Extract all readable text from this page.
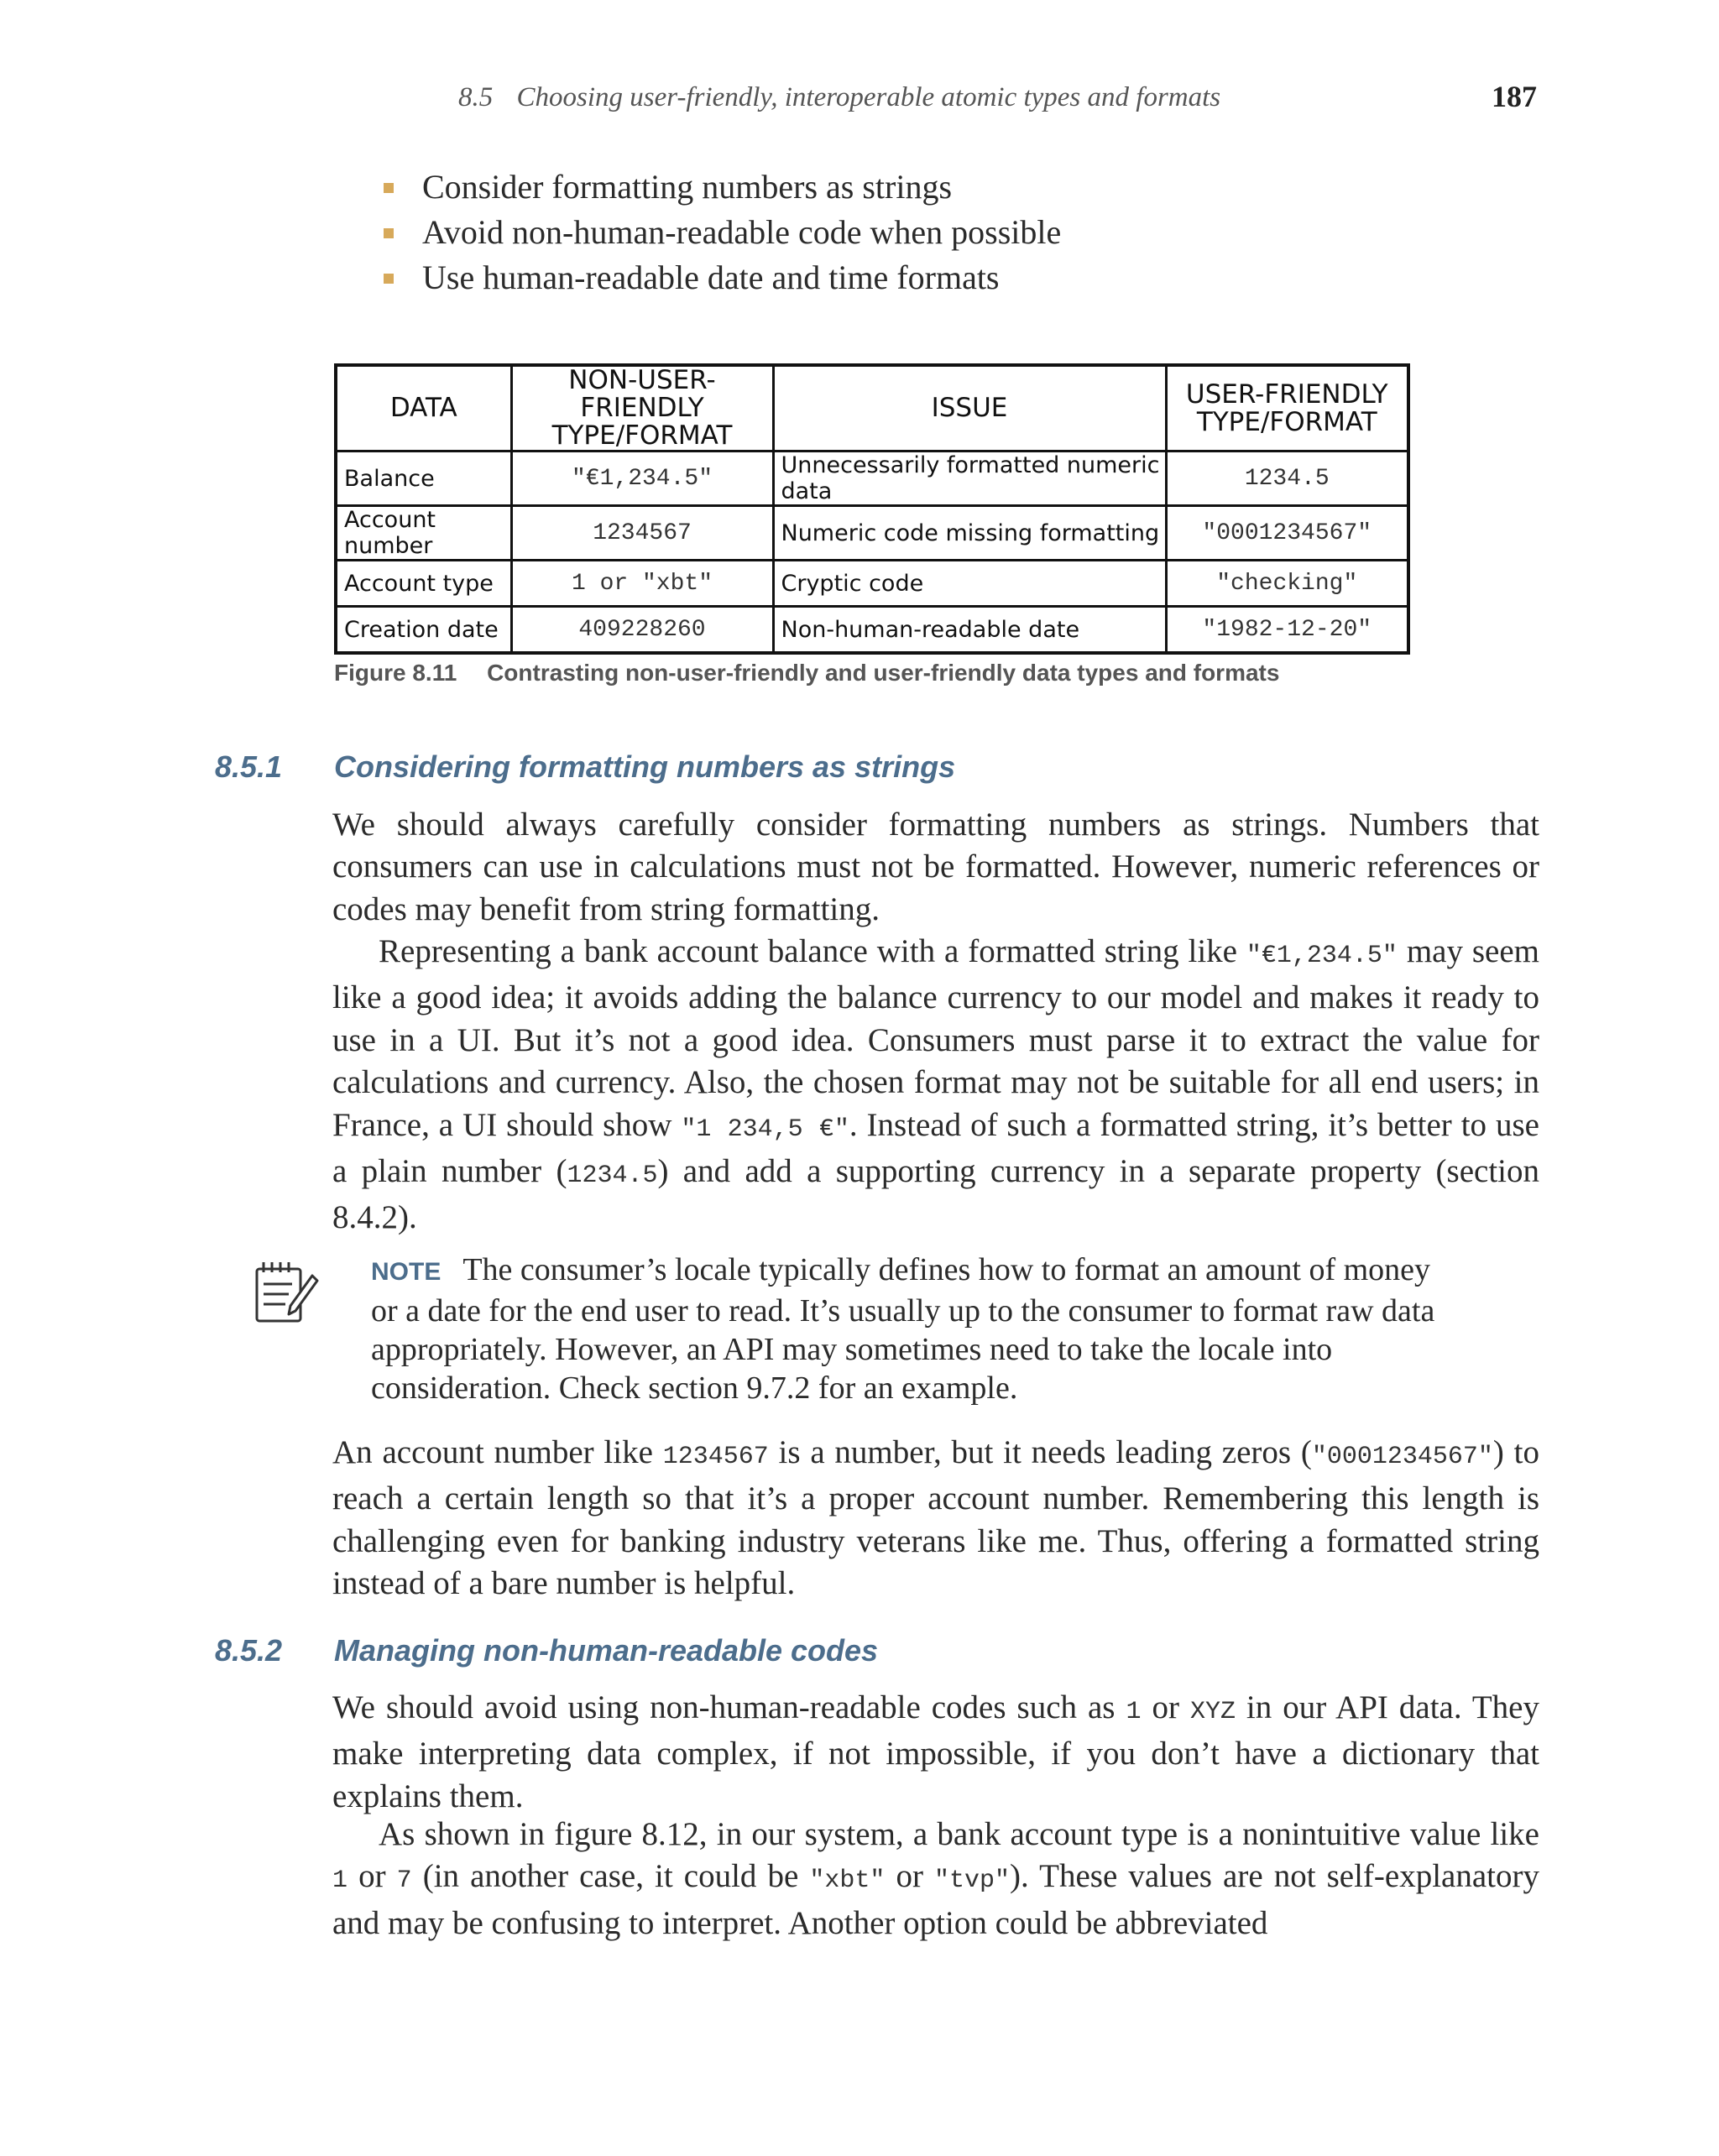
8.5 Choosing user-friendly, interoperable atomic types and formats	187
Consider formatting numbers as strings
Avoid non-human-readable code when possible
Use human-readable date and time formats
DATA	NON-USER-FRIENDLY TYPE/FORMAT	ISSUE	USER-FRIENDLY TYPE/FORMAT
Balance	"€1,234.5"	Unnecessarily formatted numeric data	1234.5
Account number	1234567	Numeric code missing formatting	"0001234567"
Account type	1 or "xbt"	Cryptic code	"checking"
Creation date	409228260	Non-human-readable date	"1982-12-20"
Figure 8.11 Contrasting non-user-friendly and user-friendly data types and formats
8.5.1 Considering formatting numbers as strings

We should always carefully consider formatting numbers as strings. Numbers that consumers can use in calculations must not be formatted. However, numeric references or codes may benefit from string formatting.

Representing a bank account balance with a formatted string like "€1,234.5" may seem like a good idea; it avoids adding the balance currency to our model and makes it ready to use in a UI. But it’s not a good idea. Consumers must parse it to extract the value for calculations and currency. Also, the chosen format may not be suitable for all end users; in France, a UI should show "1 234,5 €". Instead of such a formatted string, it’s better to use a plain number (1234.5) and add a supporting currency in a separate property (section 8.4.2).

NOTE The consumer’s locale typically defines how to format an amount of money or a date for the end user to read. It’s usually up to the consumer to format raw data appropriately. However, an API may sometimes need to take the locale into consideration. Check section 9.7.2 for an example.

An account number like 1234567 is a number, but it needs leading zeros ("0001234567") to reach a certain length so that it’s a proper account number. Remembering this length is challenging even for banking industry veterans like me. Thus, offering a formatted string instead of a bare number is helpful.

8.5.2 Managing non-human-readable codes

We should avoid using non-human-readable codes such as 1 or XYZ in our API data. They make interpreting data complex, if not impossible, if you don’t have a dictionary that explains them.

As shown in figure 8.12, in our system, a bank account type is a nonintuitive value like 1 or 7 (in another case, it could be "xbt" or "tvp"). These values are not self-explanatory and may be confusing to interpret. Another option could be abbreviated
